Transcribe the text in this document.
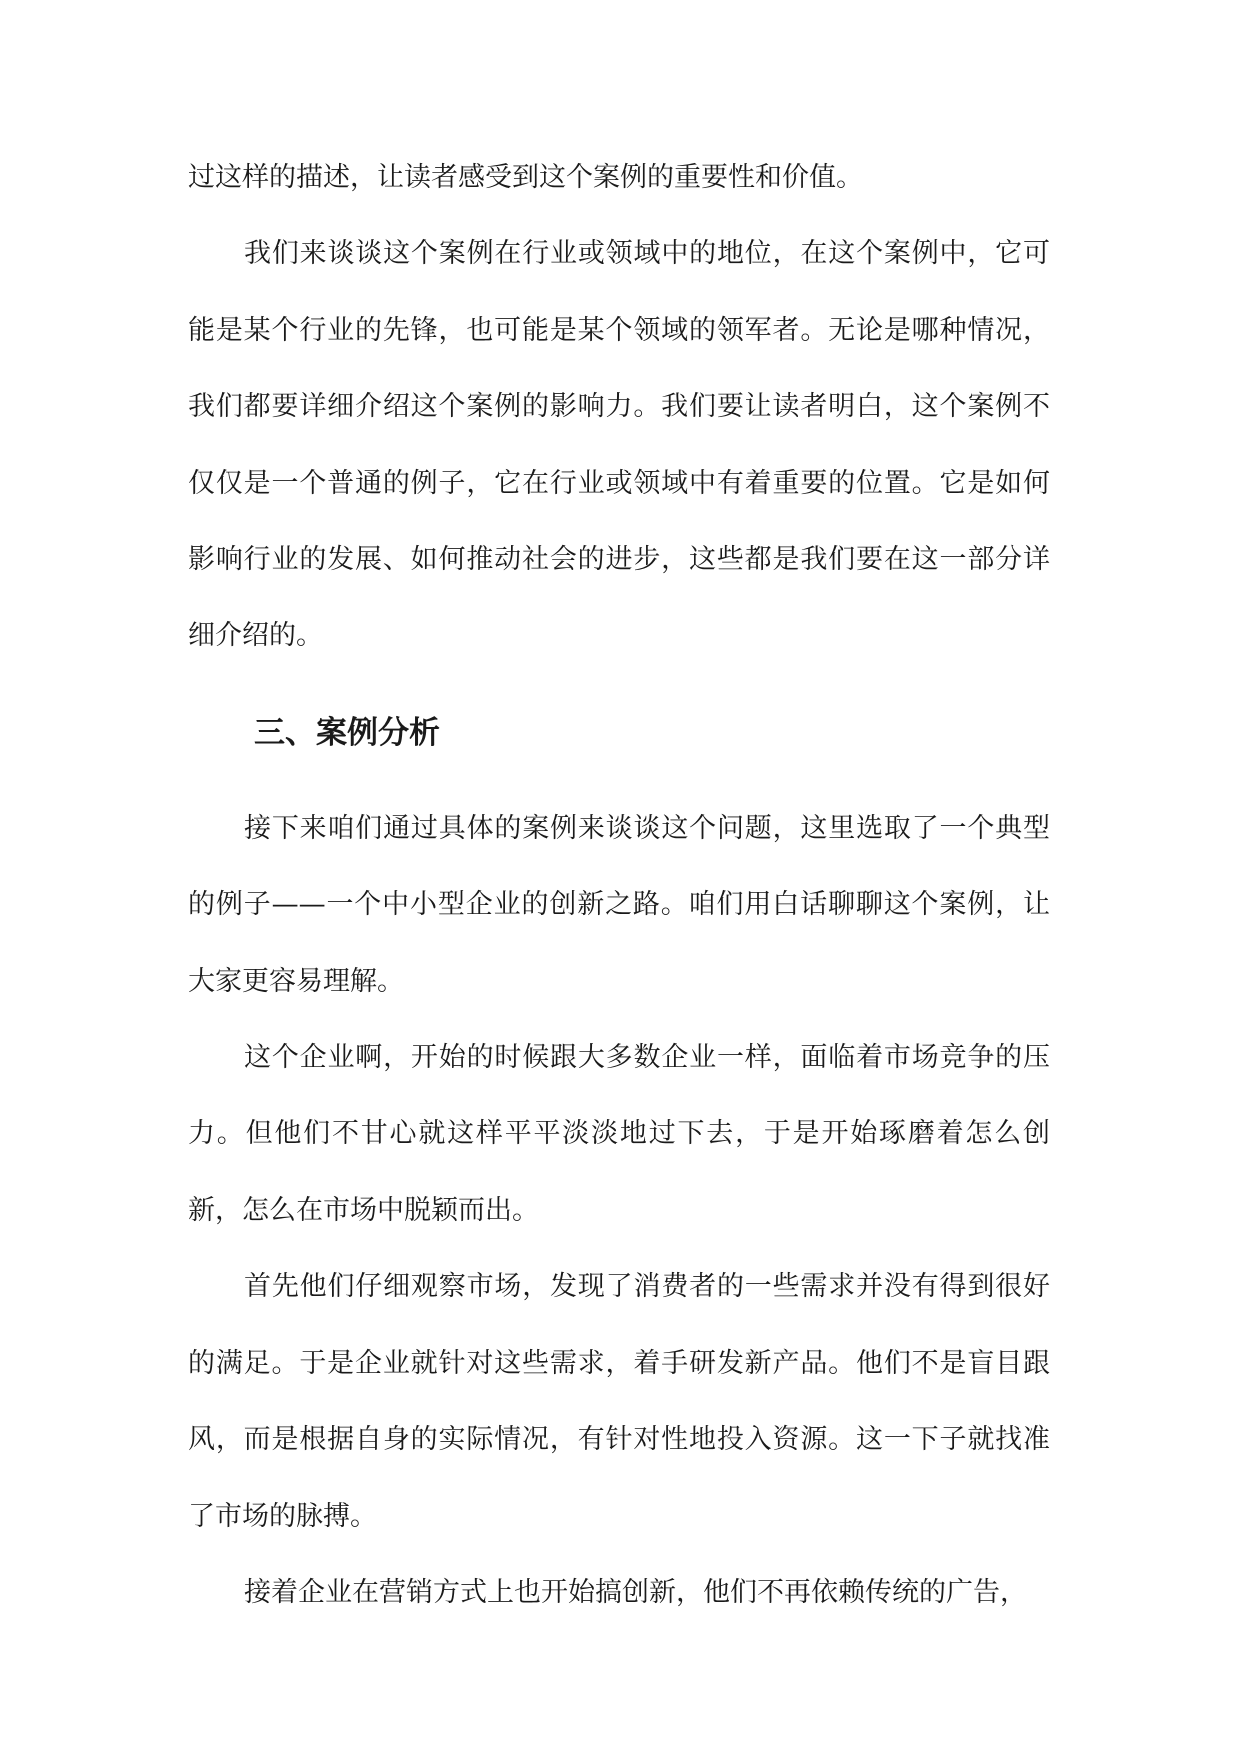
过这样的描述，让读者感受到这个案例的重要性和价值。

我们来谈谈这个案例在行业或领域中的地位，在这个案例中，它可能是某个行业的先锋，也可能是某个领域的领军者。无论是哪种情况，我们都要详细介绍这个案例的影响力。我们要让读者明白，这个案例不仅仅是一个普通的例子，它在行业或领域中有着重要的位置。它是如何影响行业的发展、如何推动社会的进步，这些都是我们要在这一部分详细介绍的。

三、案例分析

接下来咱们通过具体的案例来谈谈这个问题，这里选取了一个典型的例子——一个中小型企业的创新之路。咱们用白话聊聊这个案例，让大家更容易理解。

这个企业啊，开始的时候跟大多数企业一样，面临着市场竞争的压力。但他们不甘心就这样平平淡淡地过下去，于是开始琢磨着怎么创新，怎么在市场中脱颖而出。

首先他们仔细观察市场，发现了消费者的一些需求并没有得到很好的满足。于是企业就针对这些需求，着手研发新产品。他们不是盲目跟风，而是根据自身的实际情况，有针对性地投入资源。这一下子就找准了市场的脉搏。

接着企业在营销方式上也开始搞创新，他们不再依赖传统的广告，
